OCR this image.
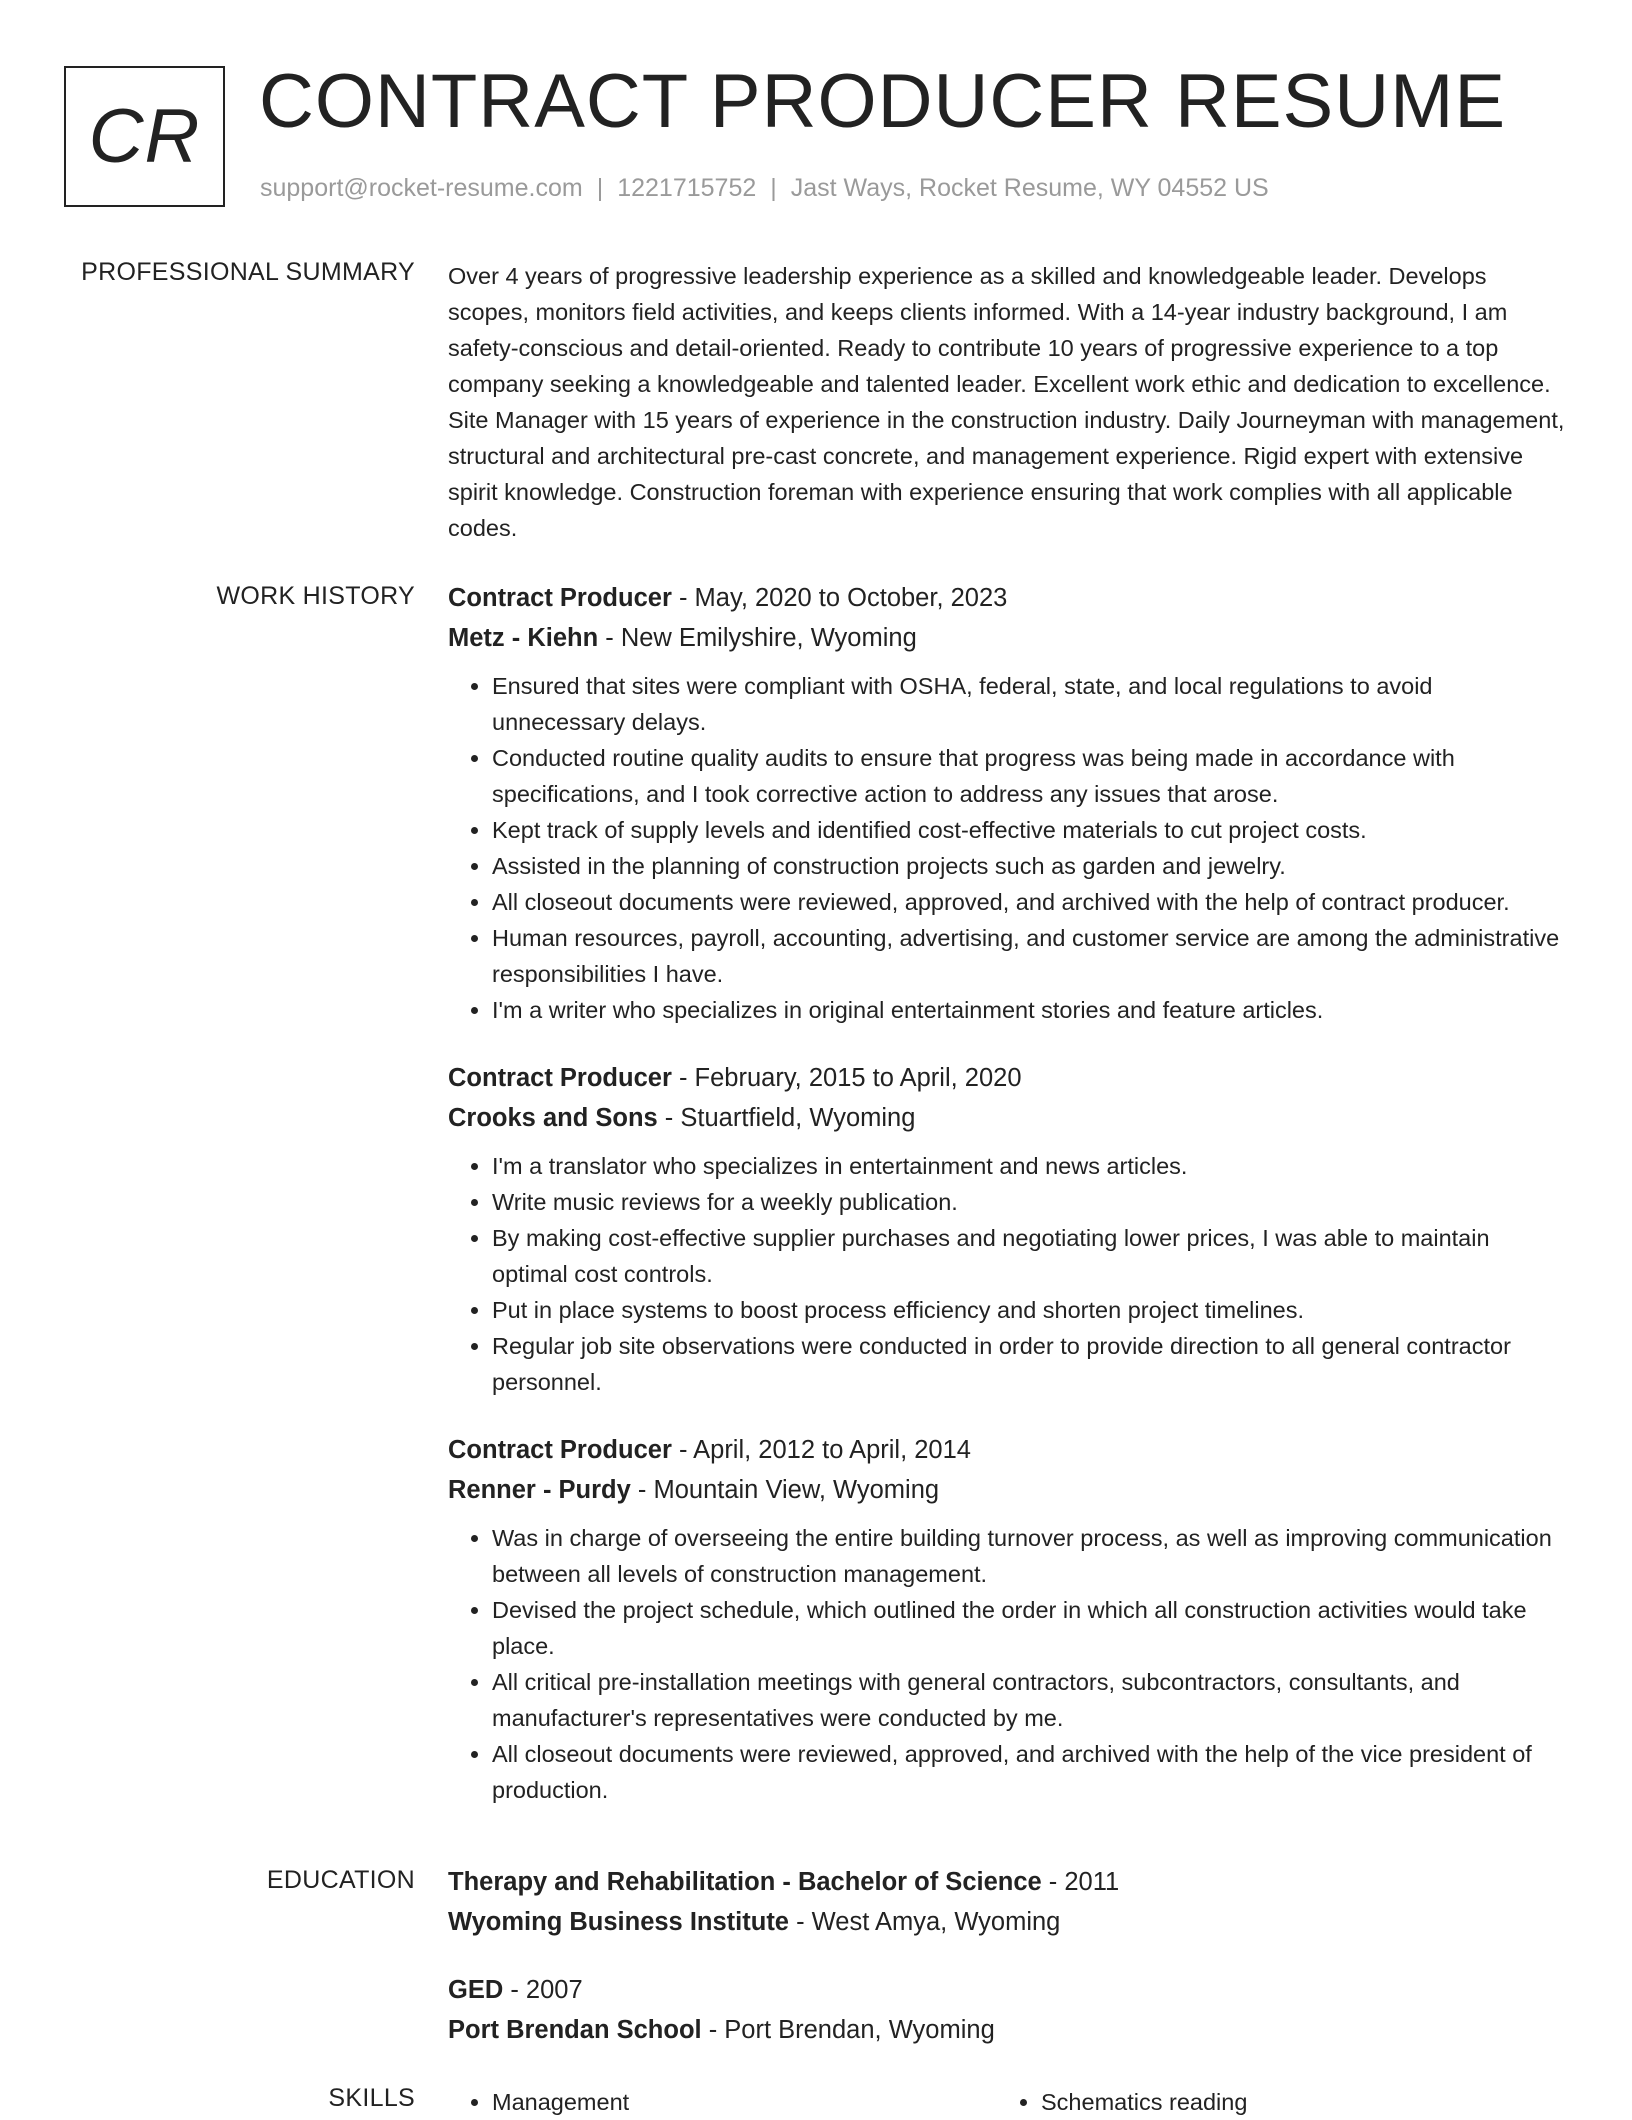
CR CONTRACT PRODUCER RESUME
support@rocket-resume.com | 1221715752 | Jast Ways, Rocket Resume, WY 04552 US
PROFESSIONAL SUMMARY Over 4 years of progressive leadership experience as a skilled and knowledgeable leader. Develops scopes, monitors field activities, and keeps clients informed. With a 14-year industry background, I am safety-conscious and detail-oriented. Ready to contribute 10 years of progressive experience to a top company seeking a knowledgeable and talented leader. Excellent work ethic and dedication to excellence. Site Manager with 15 years of experience in the construction industry. Daily Journeyman with management, structural and architectural pre-cast concrete, and management experience. Rigid expert with extensive spirit knowledge. Construction foreman with experience ensuring that work complies with all applicable codes.

WORK HISTORY Contract Producer - May, 2020 to October, 2023
Metz - Kiehn - New Emilyshire, Wyoming
• Ensured that sites were compliant with OSHA, federal, state, and local regulations to avoid unnecessary delays.
• Conducted routine quality audits to ensure that progress was being made in accordance with specifications, and I took corrective action to address any issues that arose.
• Kept track of supply levels and identified cost-effective materials to cut project costs.
• Assisted in the planning of construction projects such as garden and jewelry.
• All closeout documents were reviewed, approved, and archived with the help of contract producer.
• Human resources, payroll, accounting, advertising, and customer service are among the administrative responsibilities I have.
• I'm a writer who specializes in original entertainment stories and feature articles.
Contract Producer - February, 2015 to April, 2020
Crooks and Sons - Stuartfield, Wyoming
• I'm a translator who specializes in entertainment and news articles.
• Write music reviews for a weekly publication.
• By making cost-effective supplier purchases and negotiating lower prices, I was able to maintain optimal cost controls.
• Put in place systems to boost process efficiency and shorten project timelines.
• Regular job site observations were conducted in order to provide direction to all general contractor personnel.
Contract Producer - April, 2012 to April, 2014
Renner - Purdy - Mountain View, Wyoming
• Was in charge of overseeing the entire building turnover process, as well as improving communication between all levels of construction management.
• Devised the project schedule, which outlined the order in which all construction activities would take place.
• All critical pre-installation meetings with general contractors, subcontractors, consultants, and manufacturer's representatives were conducted by me.
• All closeout documents were reviewed, approved, and archived with the help of the vice president of production.
EDUCATION Therapy and Rehabilitation - Bachelor of Science - 2011
Wyoming Business Institute - West Amya, Wyoming
GED - 2007
Port Brendan School - Port Brendan, Wyoming
SKILLS	• Management	• Schematics reading
